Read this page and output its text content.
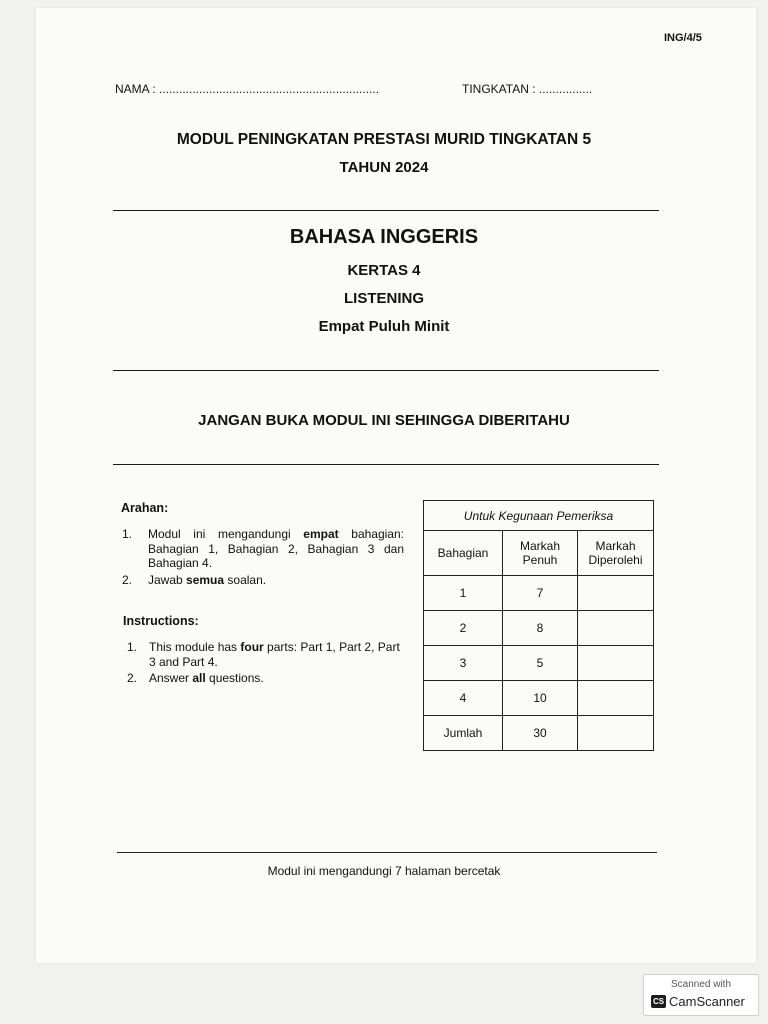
ING/4/5
NAMA : ..................................................................	TINGKATAN : ................
MODUL PENINGKATAN PRESTASI MURID TINGKATAN 5
TAHUN 2024
BAHASA INGGERIS
KERTAS 4
LISTENING
Empat Puluh Minit
JANGAN BUKA MODUL INI SEHINGGA DIBERITAHU
Arahan:
1. Modul ini mengandungi empat bahagian: Bahagian 1, Bahagian 2, Bahagian 3 dan Bahagian 4.
2. Jawab semua soalan.
Instructions:
1. This module has four parts: Part 1, Part 2, Part 3 and Part 4.
2. Answer all questions.
Untuk Kegunaan Pemeriksa		
Bahagian	Markah Penuh	Markah Diperolehi
1	7	
2	8	
3	5	
4	10	
Jumlah	30	
Modul ini mengandungi 7 halaman bercetak
Scanned with
CS CamScanner
